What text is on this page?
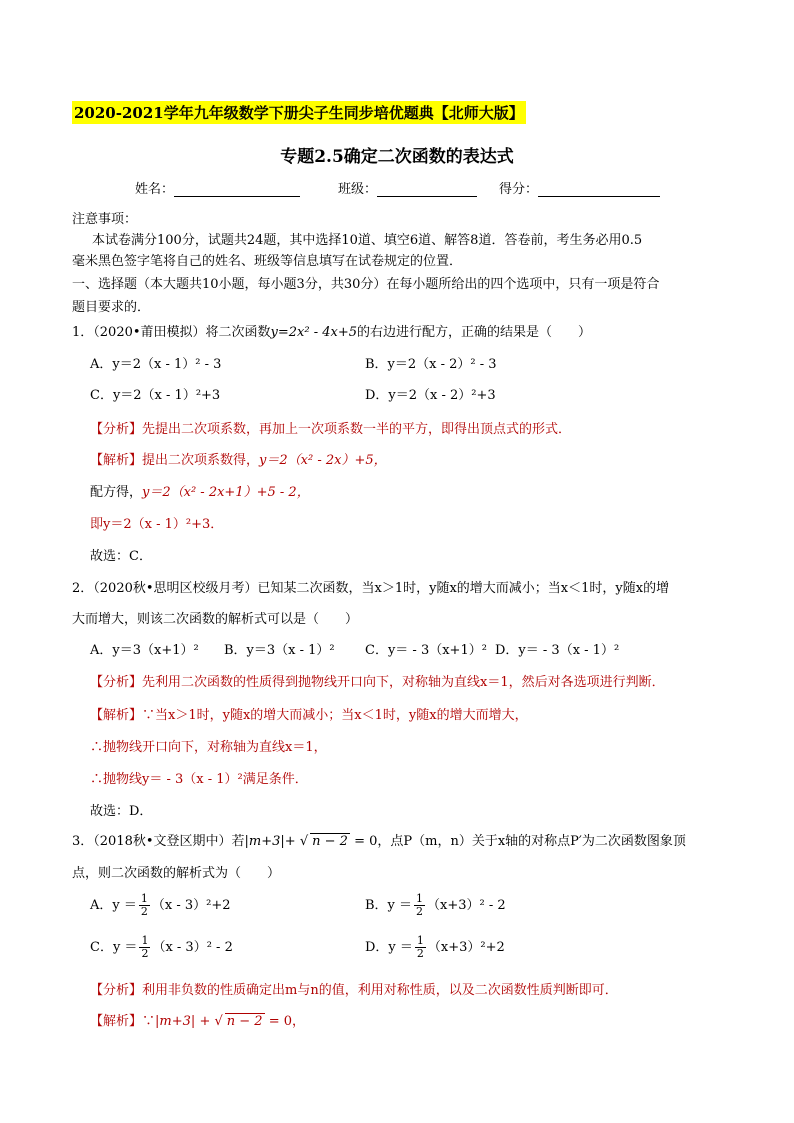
2020-2021学年九年级数学下册尖子生同步培优题典【北师大版】
专题2.5确定二次函数的表达式
姓名：	班级：	得分：
注意事项：
本试卷满分100分，试题共24题，其中选择10道、填空6道、解答8道．答卷前，考生务必用0.5
毫米黑色签字笔将自己的姓名、班级等信息填写在试卷规定的位置．
一、选择题（本大题共10小题，每小题3分，共30分）在每小题所给出的四个选项中，只有一项是符合
题目要求的．
1．（2020•莆田模拟）将二次函数y=2x² - 4x+5的右边进行配方，正确的结果是（　　）
A．y＝2（x - 1）² - 3	B．y＝2（x - 2）² - 3
C．y＝2（x - 1）²+3	D．y＝2（x - 2）²+3
【分析】先提出二次项系数，再加上一次项系数一半的平方，即得出顶点式的形式．
【解析】提出二次项系数得，y＝2（x² - 2x）+5，
配方得，y＝2（x² - 2x+1）+5 - 2，
即y＝2（x - 1）²+3．
故选：C．
2．（2020秋•思明区校级月考）已知某二次函数，当x＞1时，y随x的增大而减小；当x＜1时，y随x的增
大而增大，则该二次函数的解析式可以是（　　）
A．y＝3（x+1）² B．y＝3（x - 1）² C．y＝ - 3（x+1）² D．y＝ - 3（x - 1）²
【分析】先利用二次函数的性质得到抛物线开口向下，对称轴为直线x＝1，然后对各选项进行判断．
【解析】∵当x＞1时，y随x的增大而减小；当x＜1时，y随x的增大而增大，
∴抛物线开口向下，对称轴为直线x＝1，
∴抛物线y＝ - 3（x - 1）²满足条件．
故选：D．
3．（2018秋•文登区期中）若|m+3|+ √ n − 2 = 0，点P（m，n）关于x轴的对称点P′为二次函数图象顶
点，则二次函数的解析式为（　　）
A．$y = \frac{1}{2} (x - 3)^2+2$	B．$y = \frac{1}{2} (x+3)^2 - 2$
C．$y = \frac{1}{2} (x - 3)^2 - 2$	D．$y = \frac{1}{2} (x+3)^2+2$
【分析】利用非负数的性质确定出m与n的值，利用对称性质，以及二次函数性质判断即可．
【解析】∵|m+3| + √ n − 2 = 0，
